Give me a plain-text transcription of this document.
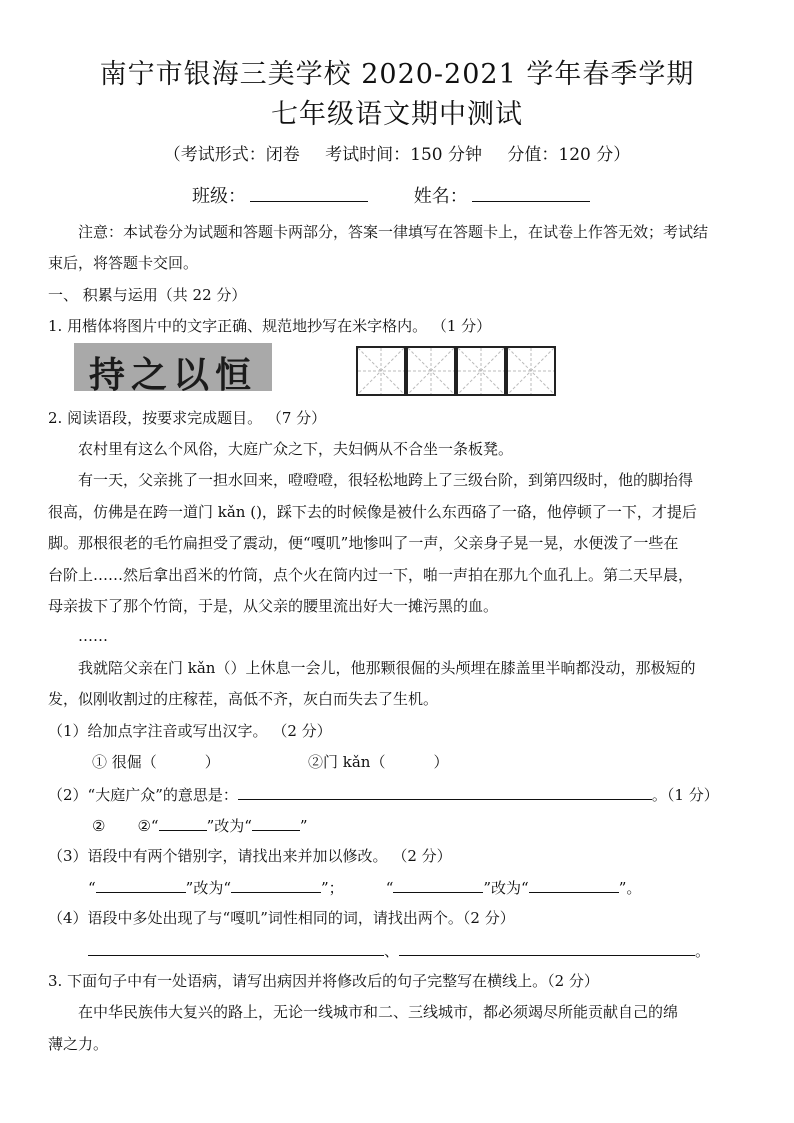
南宁市银海三美学校 2020-2021 学年春季学期
七年级语文期中测试
（考试形式：闭卷 考试时间：150 分钟 分值：120 分）
班级：	姓名：
注意：本试卷分为试题和答题卡两部分，答案一律填写在答题卡上，在试卷上作答无效；考试结
束后，将答题卡交回。
一、 积累与运用（共 22 分）
1. 用楷体将图片中的文字正确、规范地抄写在米字格内。 （1 分）
持之以恒
2. 阅读语段，按要求完成题目。 （7 分）
农村里有这么个风俗，大庭广众之下，夫妇俩从不合坐一条板凳。
有一天，父亲挑了一担水回来，噔噔噔，很轻松地跨上了三级台阶，到第四级时，他的脚抬得
很高，仿佛是在跨一道门 kǎn ()，踩下去的时候像是被什么东西硌了一硌，他停顿了一下，才提后
脚。那根很老的毛竹扁担受了震动，便“嘎叽”地惨叫了一声，父亲身子晃一晃，水便泼了一些在
台阶上……然后拿出舀米的竹筒，点个火在筒内过一下，啪一声拍在那九个血孔上。第二天早晨，
母亲拔下了那个竹筒，于是，从父亲的腰里流出好大一摊污黑的血。
……
我就陪父亲在门 kǎn（）上休息一会儿，他那颗很倔的头颅埋在膝盖里半晌都没动，那极短的
发，似刚收割过的庄稼茬，高低不齐，灰白而失去了生机。
（1）给加点字注音或写出汉字。 （2 分）
① 很倔（	）	②门 kǎn（	）
（2）“大庭广众”的意思是：	。（1 分）
② ②“	”改为“	”
（3）语段中有两个错别字，请找出来并加以修改。 （2 分）
“	”改为“	”；	“	”改为“	”。
（4）语段中多处出现了与“嘎叽”词性相同的词，请找出两个。（2 分）
、	。
3. 下面句子中有一处语病，请写出病因并将修改后的句子完整写在横线上。（2 分）
在中华民族伟大复兴的路上，无论一线城市和二、三线城市，都必须竭尽所能贡献自己的绵
薄之力。
